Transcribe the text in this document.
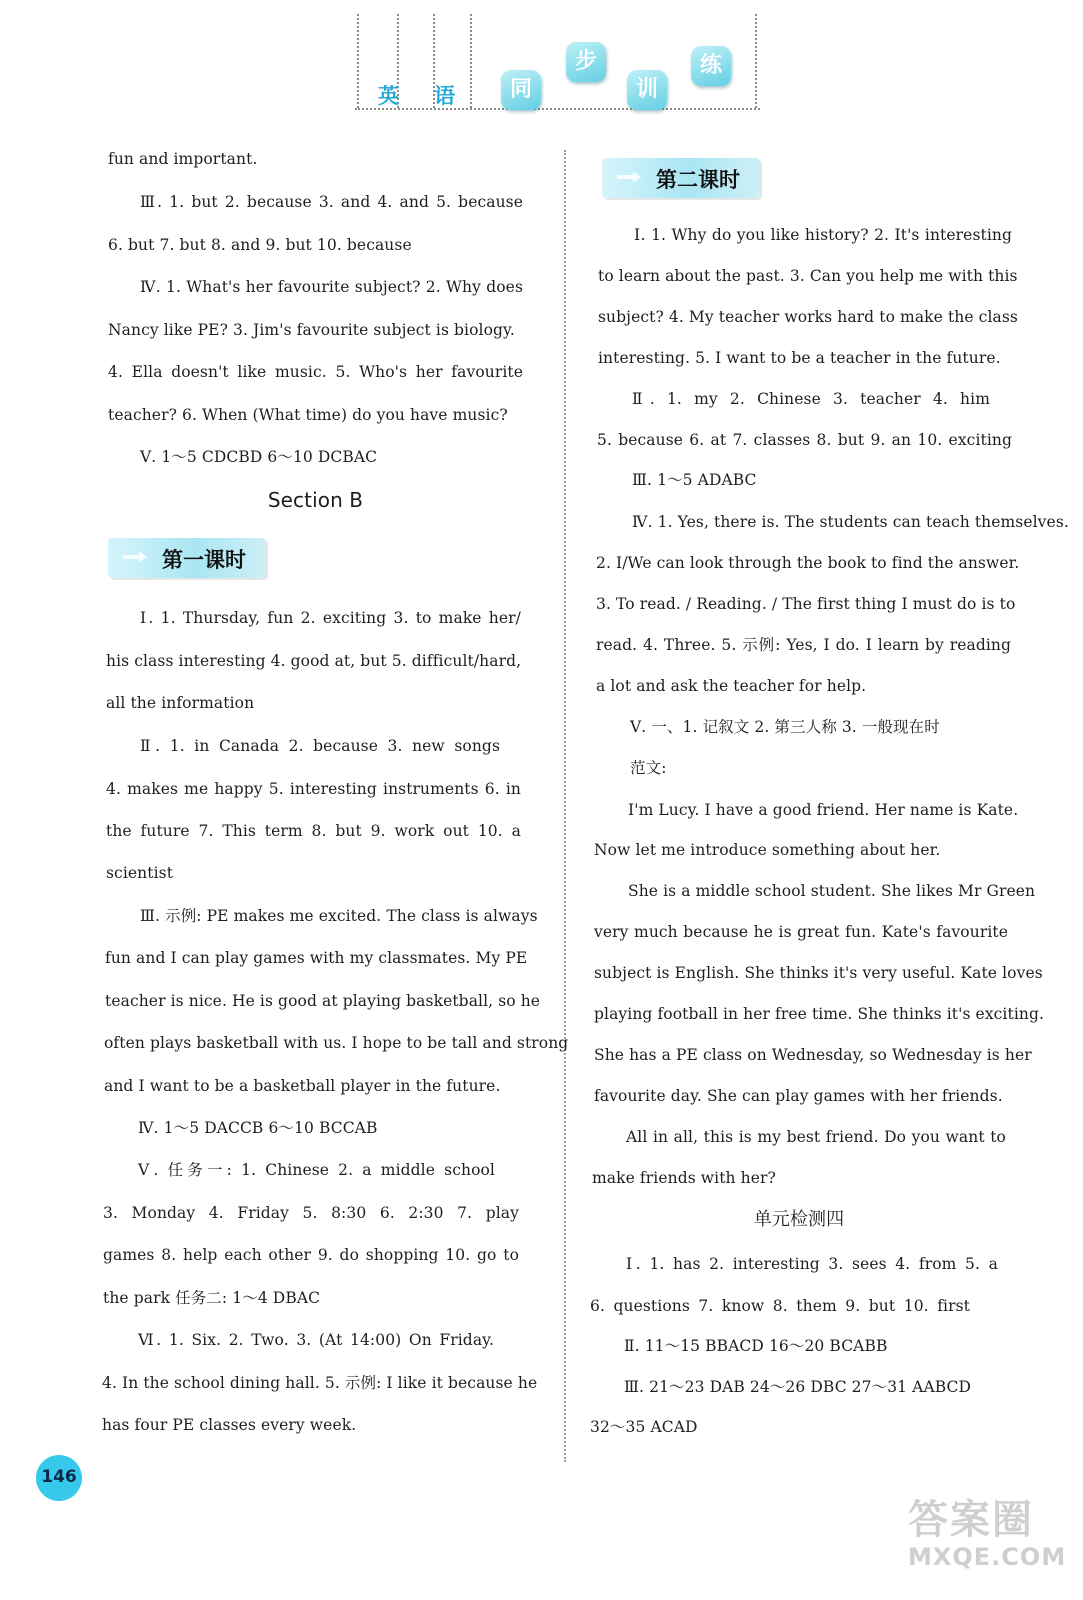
英 语	同
步
训
练
fun and important.
Ⅲ. 1. but 2. because 3. and 4. and 5. because
6. but 7. but 8. and 9. but 10. because
Ⅳ. 1. What's her favourite subject? 2. Why does
Nancy like PE? 3. Jim's favourite subject is biology.
4. Ella doesn't like music. 5. Who's her favourite
teacher? 6. When (What time) do you have music?
Ⅴ. 1～5 CDCBD 6～10 DCBAC
Section B
第一课时
Ⅰ. 1. Thursday, fun 2. exciting 3. to make her/
his class interesting 4. good at, but 5. difficult/hard,
all the information
Ⅱ. 1. in Canada 2. because 3. new songs
4. makes me happy 5. interesting instruments 6. in
the future 7. This term 8. but 9. work out 10. a
scientist
Ⅲ. 示例: PE makes me excited. The class is always
fun and I can play games with my classmates. My PE
teacher is nice. He is good at playing basketball, so he
often plays basketball with us. I hope to be tall and strong
and I want to be a basketball player in the future.
Ⅳ. 1～5 DACCB 6～10 BCCAB
Ⅴ. 任务一: 1. Chinese 2. a middle school
3. Monday 4. Friday 5. 8:30 6. 2:30 7. play
games 8. help each other 9. do shopping 10. go to
the park 任务二: 1～4 DBAC
Ⅵ. 1. Six. 2. Two. 3. (At 14:00) On Friday.
4. In the school dining hall. 5. 示例: I like it because he
has four PE classes every week.
第二课时
Ⅰ. 1. Why do you like history? 2. It's interesting
to learn about the past. 3. Can you help me with this
subject? 4. My teacher works hard to make the class
interesting. 5. I want to be a teacher in the future.
Ⅱ. 1. my 2. Chinese 3. teacher 4. him
5. because 6. at 7. classes 8. but 9. an 10. exciting
Ⅲ. 1～5 ADABC
Ⅳ. 1. Yes, there is. The students can teach themselves.
2. I/We can look through the book to find the answer.
3. To read. / Reading. / The first thing I must do is to
read. 4. Three. 5. 示例: Yes, I do. I learn by reading
a lot and ask the teacher for help.
Ⅴ. 一、1. 记叙文 2. 第三人称 3. 一般现在时
范文:
I'm Lucy. I have a good friend. Her name is Kate.
Now let me introduce something about her.
She is a middle school student. She likes Mr Green
very much because he is great fun. Kate's favourite
subject is English. She thinks it's very useful. Kate loves
playing football in her free time. She thinks it's exciting.
She has a PE class on Wednesday, so Wednesday is her
favourite day. She can play games with her friends.
All in all, this is my best friend. Do you want to
make friends with her?
单元检测四
Ⅰ. 1. has 2. interesting 3. sees 4. from 5. a
6. questions 7. know 8. them 9. but 10. first
Ⅱ. 11～15 BBACD 16～20 BCABB
Ⅲ. 21～23 DAB 24～26 DBC 27～31 AABCD
32～35 ACAD
146
答案圈
MXQE.COM
